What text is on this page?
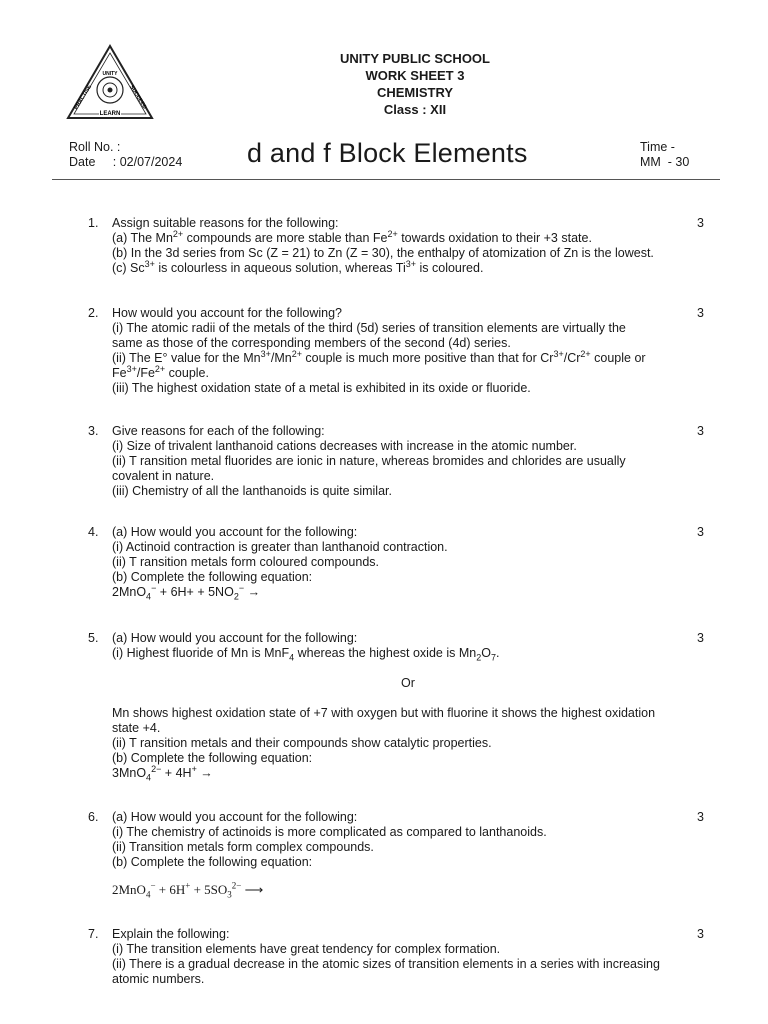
UNITY
PRACTISE	SUCCEED
LEARN
UNITY PUBLIC SCHOOL
WORK SHEET 3
CHEMISTRY
Class : XII
Roll No. :
Date     : 02/07/2024 d and f Block Elements	Time -
MM  - 30
1.	3
Assign suitable reasons for the following:
(a) The $Mn^{2+}$ compounds are more stable than $Fe^{2+}$ towards oxidation to their +3 state.
(b) In the 3d series from Sc (Z = 21) to Zn (Z = 30), the enthalpy of atomization of Zn is the lowest.
(c) $Sc^{3+}$ is colourless in aqueous solution, whereas $Ti^{3+}$ is coloured.
2.	3
How would you account for the following?
(i) The atomic radii of the metals of the third (5d) series of transition elements are virtually the
same as those of the corresponding members of the second (4d) series.
(ii) The E° value for the $Mn^{3+}/Mn^{2+}$ couple is much more positive than that for $Cr^{3+}/Cr^{2+}$ couple or
$Fe^{3+}/Fe^{2+}$ couple.
(iii) The highest oxidation state of a metal is exhibited in its oxide or fluoride.
3.	3
Give reasons for each of the following:
(i) Size of trivalent lanthanoid cations decreases with increase in the atomic number.
(ii) T ransition metal fluorides are ionic in nature, whereas bromides and chlorides are usually
covalent in nature.
(iii) Chemistry of all the lanthanoids is quite similar.
4.	3
(a) How would you account for the following:
(i) Actinoid contraction is greater than lanthanoid contraction.
(ii) T ransition metals form coloured compounds.
(b) Complete the following equation:
$2MnO_4^- + 6H+ + 5NO_2^-$ →
5.	3
(a) How would you account for the following:
(i) Highest fluoride of Mn is MnF$_4$ whereas the highest oxide is $Mn_2O_7$.
Or
Mn shows highest oxidation state of +7 with oxygen but with fluorine it shows the highest oxidation
state +4.
(ii) T ransition metals and their compounds show catalytic properties.
(b) Complete the following equation:
3MnO$_4^{2-}$ + 4H+ →
6.	3
(a) How would you account for the following:
(i) The chemistry of actinoids is more complicated as compared to lanthanoids.
(ii) Transition metals form complex compounds.
(b) Complete the following equation:
$2MnO_4^- + 6H^+ + 5SO_3^{2-}$ ⟶
7.	3
Explain the following:
(i) The transition elements have great tendency for complex formation.
(ii) There is a gradual decrease in the atomic sizes of transition elements in a series with increasing
atomic numbers.
